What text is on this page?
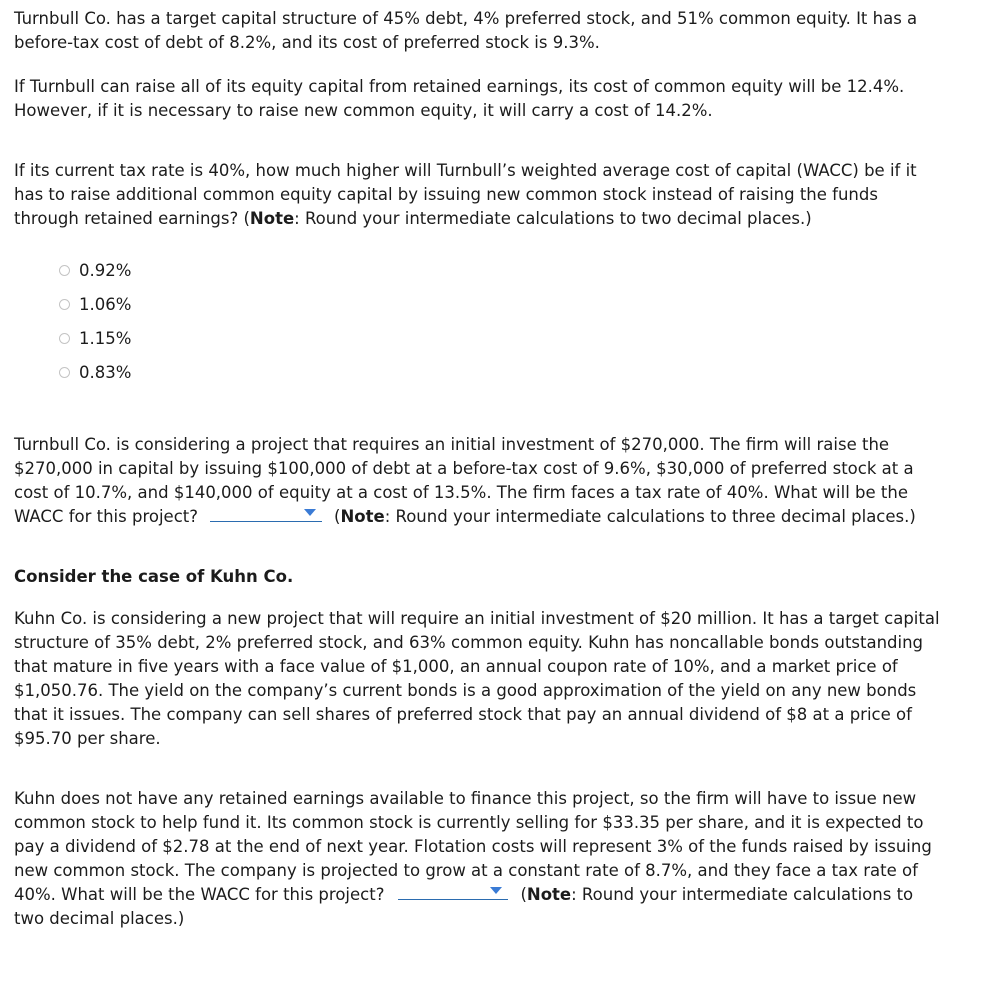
Turnbull Co. has a target capital structure of 45% debt, 4% preferred stock, and 51% common equity. It has a before-tax cost of debt of 8.2%, and its cost of preferred stock is 9.3%.

If Turnbull can raise all of its equity capital from retained earnings, its cost of common equity will be 12.4%. However, if it is necessary to raise new common equity, it will carry a cost of 14.2%.

If its current tax rate is 40%, how much higher will Turnbull’s weighted average cost of capital (WACC) be if it has to raise additional common equity capital by issuing new common stock instead of raising the funds through retained earnings? (Note: Round your intermediate calculations to two decimal places.)

0.92%
1.06%
1.15%
0.83%

Turnbull Co. is considering a project that requires an initial investment of $270,000. The firm will raise the $270,000 in capital by issuing $100,000 of debt at a before-tax cost of 9.6%, $30,000 of preferred stock at a cost of 10.7%, and $140,000 of equity at a cost of 13.5%. The firm faces a tax rate of 40%. What will be the WACC for this project?	(Note: Round your intermediate calculations to three decimal places.)

Consider the case of Kuhn Co.

Kuhn Co. is considering a new project that will require an initial investment of $20 million. It has a target capital structure of 35% debt, 2% preferred stock, and 63% common equity. Kuhn has noncallable bonds outstanding that mature in five years with a face value of $1,000, an annual coupon rate of 10%, and a market price of $1,050.76. The yield on the company’s current bonds is a good approximation of the yield on any new bonds that it issues. The company can sell shares of preferred stock that pay an annual dividend of $8 at a price of $95.70 per share.

Kuhn does not have any retained earnings available to finance this project, so the firm will have to issue new common stock to help fund it. Its common stock is currently selling for $33.35 per share, and it is expected to pay a dividend of $2.78 at the end of next year. Flotation costs will represent 3% of the funds raised by issuing new common stock. The company is projected to grow at a constant rate of 8.7%, and they face a tax rate of 40%. What will be the WACC for this project?	(Note: Round your intermediate calculations to two decimal places.)
